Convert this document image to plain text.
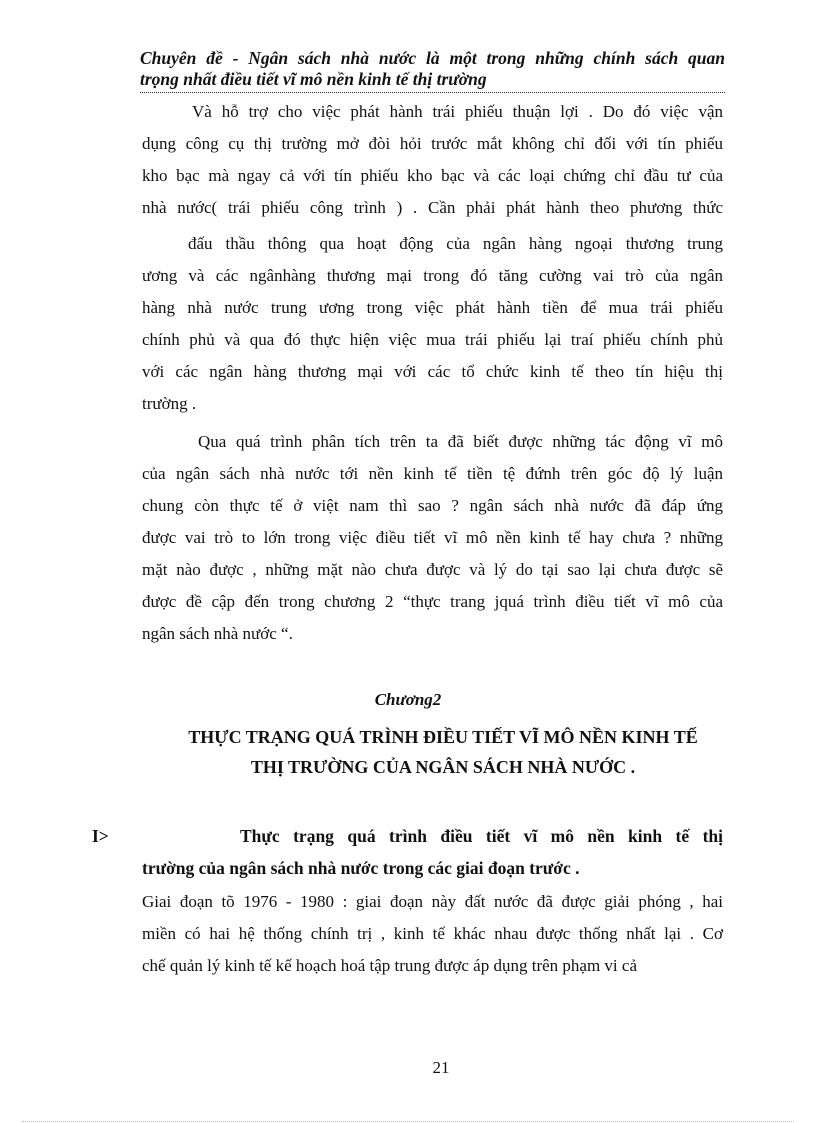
Chuyên đề - Ngân sách nhà nước là một trong những chính sách quan
trọng nhất điều tiết vĩ mô nền kinh tế thị trường
Và hỗ trợ cho việc phát hành trái phiếu thuận lợi . Do đó việc vận
dụng công cụ thị trường mở đòi hỏi trước mắt không chỉ đối với tín phiếu
kho bạc mà ngay cả với tín phiếu kho bạc và các loại chứng chỉ đầu tư của
nhà nước( trái phiếu công trình ) . Cần phải phát hành theo phương thức
đấu thầu thông qua hoạt động của ngân hàng ngoại thương trung
ương và các ngânhàng thương mại trong đó tăng cường vai trò của ngân
hàng nhà nước trung ương trong việc phát hành tiền để mua trái phiếu
chính phủ và qua đó thực hiện việc mua trái phiếu lại traí phiếu chính phủ
với các ngân hàng thương mại với các tổ chức kinh tế theo tín hiệu thị
trường .
Qua quá trình phân tích trên ta đã biết được những tác động vĩ mô
của ngân sách nhà nước tới nền kinh tế tiền tệ đứnh trên góc độ lý luận
chung còn thực tế ở việt nam thì sao ? ngân sách nhà nước đã đáp ứng
được vai trò to lớn trong việc điều tiết vĩ mô nền kinh tế hay chưa ? những
mặt nào được , những mặt nào chưa được và lý do tại sao lại chưa được sẽ
được đề cập đến trong chương 2 “thực trang jquá trình điều tiết vĩ mô của
ngân sách nhà nước “.
Chương2
THỰC TRẠNG QUÁ TRÌNH ĐIỀU TIẾT VĨ MÔ NỀN KINH TẾ
THỊ TRƯỜNG CỦA NGÂN SÁCH NHÀ NƯỚC .
I>	Thực trạng quá trình điều tiết vĩ mô nền kinh tế thị
trường của ngân sách nhà nước trong các giai đoạn trước .
Giai đoạn tõ 1976 - 1980 : giai đoạn này đất nước đã được giải phóng , hai
miền có hai hệ thống chính trị , kinh tế khác nhau được thống nhất lại . Cơ
chế quản lý kinh tế kế hoạch hoá tập trung được áp dụng trên phạm vi cả
21
